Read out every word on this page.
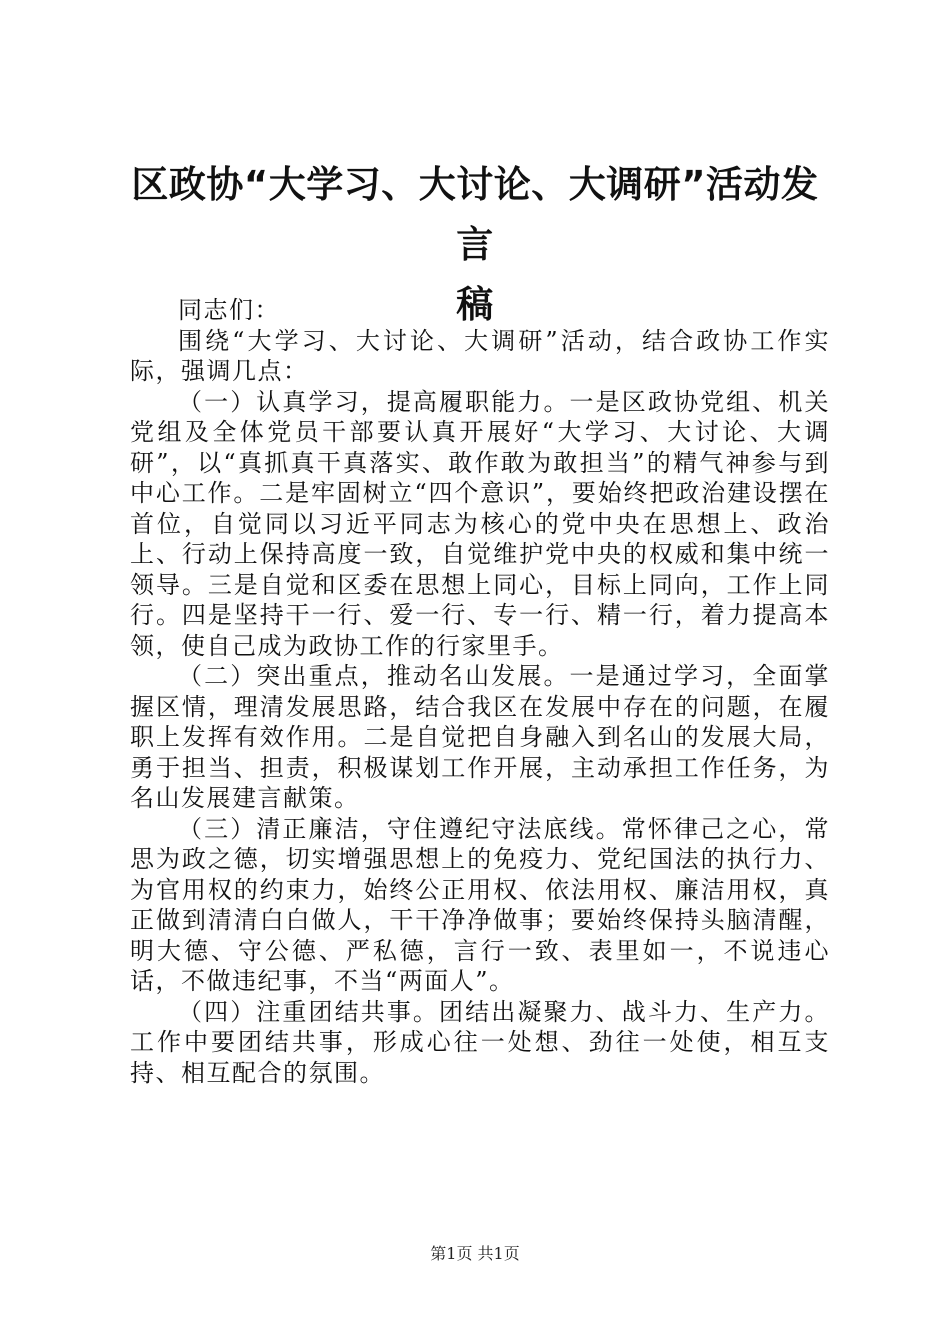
区政协“大学习、大讨论、大调研”活动发言
稿

同志们：

围绕“大学习、大讨论、大调研”活动，结合政协工作实际，强调几点：

（一）认真学习，提高履职能力。一是区政协党组、机关党组及全体党员干部要认真开展好“大学习、大讨论、大调研”，以“真抓真干真落实、敢作敢为敢担当”的精气神参与到中心工作。二是牢固树立“四个意识”，要始终把政治建设摆在首位，自觉同以习近平同志为核心的党中央在思想上、政治上、行动上保持高度一致，自觉维护党中央的权威和集中统一领导。三是自觉和区委在思想上同心，目标上同向，工作上同行。四是坚持干一行、爱一行、专一行、精一行，着力提高本领，使自己成为政协工作的行家里手。

（二）突出重点，推动名山发展。一是通过学习，全面掌握区情，理清发展思路，结合我区在发展中存在的问题，在履职上发挥有效作用。二是自觉把自身融入到名山的发展大局，勇于担当、担责，积极谋划工作开展，主动承担工作任务，为名山发展建言献策。

（三）清正廉洁，守住遵纪守法底线。常怀律己之心，常思为政之德，切实增强思想上的免疫力、党纪国法的执行力、为官用权的约束力，始终公正用权、依法用权、廉洁用权，真正做到清清白白做人，干干净净做事；要始终保持头脑清醒，明大德、守公德、严私德，言行一致、表里如一，不说违心话，不做违纪事，不当“两面人”。

（四）注重团结共事。团结出凝聚力、战斗力、生产力。工作中要团结共事，形成心往一处想、劲往一处使，相互支持、相互配合的氛围。

第1页 共1页
